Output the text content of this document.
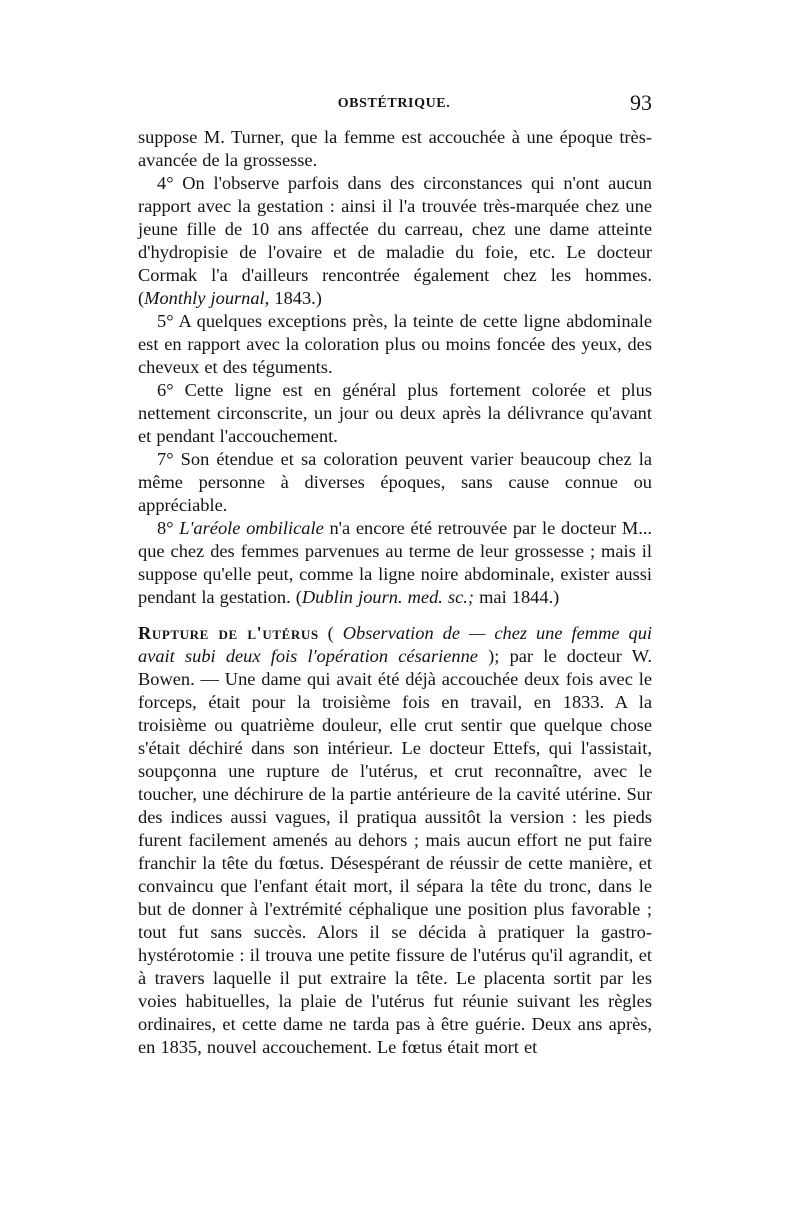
OBSTÉTRIQUE.	93

suppose M. Turner, que la femme est accouchée à une époque très-avancée de la grossesse.

4° On l'observe parfois dans des circonstances qui n'ont aucun rapport avec la gestation : ainsi il l'a trouvée très-marquée chez une jeune fille de 10 ans affectée du carreau, chez une dame atteinte d'hydropisie de l'ovaire et de maladie du foie, etc. Le docteur Cormak l'a d'ailleurs rencontrée également chez les hommes. (Monthly journal, 1843.)

5° A quelques exceptions près, la teinte de cette ligne abdominale est en rapport avec la coloration plus ou moins foncée des yeux, des cheveux et des téguments.

6° Cette ligne est en général plus fortement colorée et plus nettement circonscrite, un jour ou deux après la délivrance qu'avant et pendant l'accouchement.

7° Son étendue et sa coloration peuvent varier beaucoup chez la même personne à diverses époques, sans cause connue ou appréciable.

8° L'aréole ombilicale n'a encore été retrouvée par le docteur M... que chez des femmes parvenues au terme de leur grossesse ; mais il suppose qu'elle peut, comme la ligne noire abdominale, exister aussi pendant la gestation. (Dublin journ. med. sc.; mai 1844.)

Rupture de l'utérus ( Observation de — chez une femme qui avait subi deux fois l'opération césarienne ); par le docteur W. Bowen. — Une dame qui avait été déjà accouchée deux fois avec le forceps, était pour la troisième fois en travail, en 1833. A la troisième ou quatrième douleur, elle crut sentir que quelque chose s'était déchiré dans son intérieur. Le docteur Ettefs, qui l'assistait, soupçonna une rupture de l'utérus, et crut reconnaître, avec le toucher, une déchirure de la partie antérieure de la cavité utérine. Sur des indices aussi vagues, il pratiqua aussitôt la version : les pieds furent facilement amenés au dehors ; mais aucun effort ne put faire franchir la tête du fœtus. Désespérant de réussir de cette manière, et convaincu que l'enfant était mort, il sépara la tête du tronc, dans le but de donner à l'extrémité céphalique une position plus favorable ; tout fut sans succès. Alors il se décida à pratiquer la gastro-hystérotomie : il trouva une petite fissure de l'utérus qu'il agrandit, et à travers laquelle il put extraire la tête. Le placenta sortit par les voies habituelles, la plaie de l'utérus fut réunie suivant les règles ordinaires, et cette dame ne tarda pas à être guérie. Deux ans après, en 1835, nouvel accouchement. Le fœtus était mort et
